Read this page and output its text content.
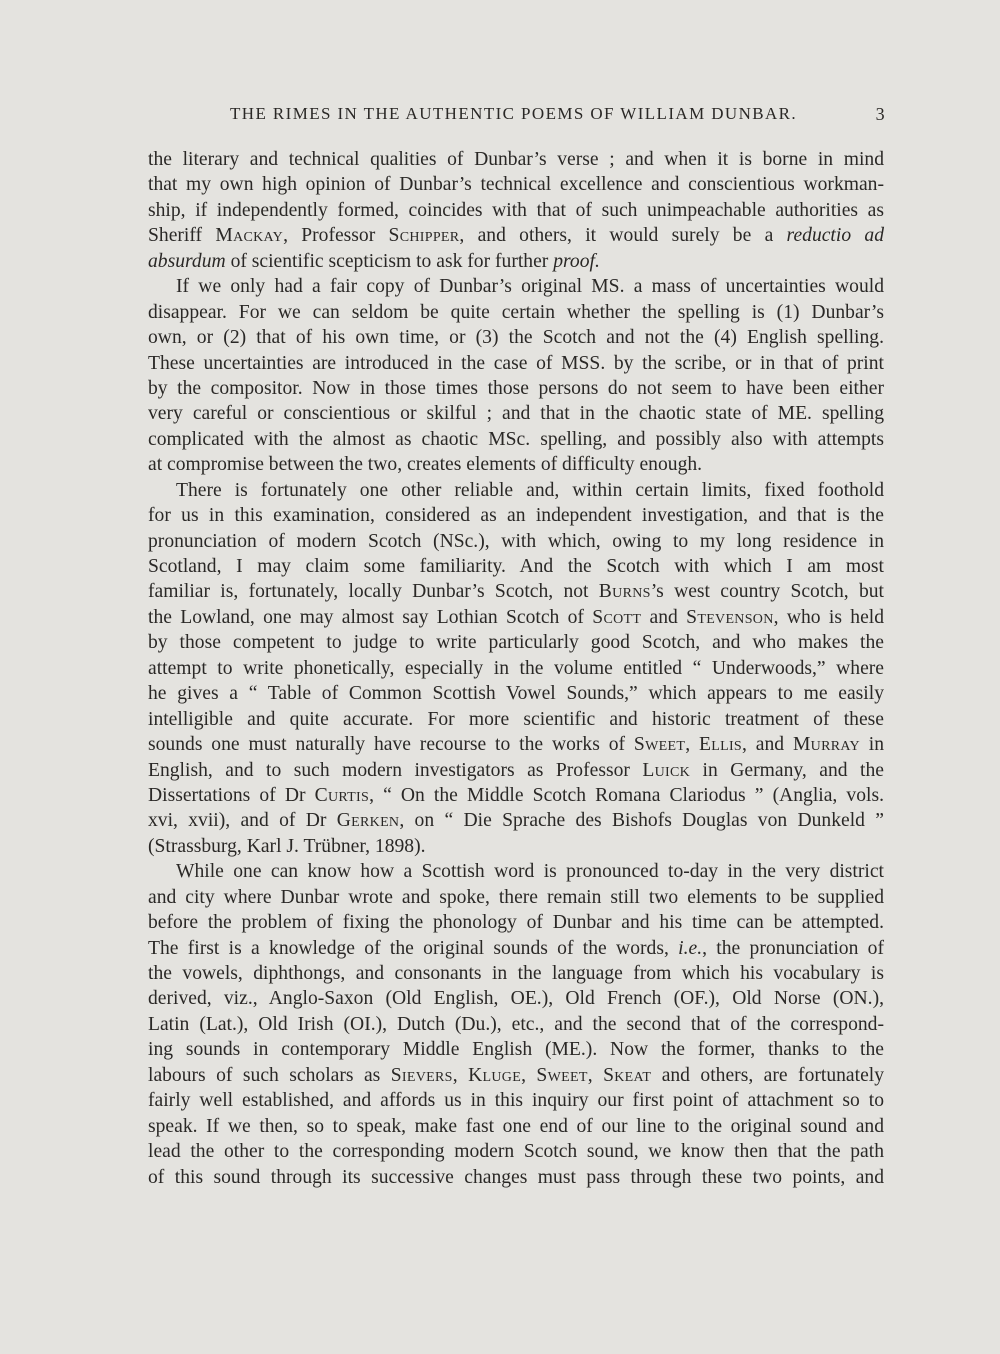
THE RIMES IN THE AUTHENTIC POEMS OF WILLIAM DUNBAR.	3
the literary and technical qualities of Dunbar’s verse ; and when it is borne in mind
that my own high opinion of Dunbar’s technical excellence and conscientious workman-
ship, if independently formed, coincides with that of such unimpeachable authorities as
Sheriff Mackay, Professor Schipper, and others, it would surely be a reductio ad
absurdum of scientific scepticism to ask for further proof.
If we only had a fair copy of Dunbar’s original MS. a mass of uncertainties would
disappear. For we can seldom be quite certain whether the spelling is (1) Dunbar’s
own, or (2) that of his own time, or (3) the Scotch and not the (4) English spelling.
These uncertainties are introduced in the case of MSS. by the scribe, or in that of print
by the compositor. Now in those times those persons do not seem to have been either
very careful or conscientious or skilful ; and that in the chaotic state of ME. spelling
complicated with the almost as chaotic MSc. spelling, and possibly also with attempts
at compromise between the two, creates elements of difficulty enough.
There is fortunately one other reliable and, within certain limits, fixed foothold
for us in this examination, considered as an independent investigation, and that is the
pronunciation of modern Scotch (NSc.), with which, owing to my long residence in
Scotland, I may claim some familiarity. And the Scotch with which I am most
familiar is, fortunately, locally Dunbar’s Scotch, not Burns’s west country Scotch, but
the Lowland, one may almost say Lothian Scotch of Scott and Stevenson, who is held
by those competent to judge to write particularly good Scotch, and who makes the
attempt to write phonetically, especially in the volume entitled “ Underwoods,” where
he gives a “ Table of Common Scottish Vowel Sounds,” which appears to me easily
intelligible and quite accurate. For more scientific and historic treatment of these
sounds one must naturally have recourse to the works of Sweet, Ellis, and Murray in
English, and to such modern investigators as Professor Luick in Germany, and the
Dissertations of Dr Curtis, “ On the Middle Scotch Romana Clariodus ” (Anglia, vols.
xvi, xvii), and of Dr Gerken, on “ Die Sprache des Bishofs Douglas von Dunkeld ”
(Strassburg, Karl J. Trübner, 1898).
While one can know how a Scottish word is pronounced to-day in the very district
and city where Dunbar wrote and spoke, there remain still two elements to be supplied
before the problem of fixing the phonology of Dunbar and his time can be attempted.
The first is a knowledge of the original sounds of the words, i.e., the pronunciation of
the vowels, diphthongs, and consonants in the language from which his vocabulary is
derived, viz., Anglo-Saxon (Old English, OE.), Old French (OF.), Old Norse (ON.),
Latin (Lat.), Old Irish (OI.), Dutch (Du.), etc., and the second that of the correspond-
ing sounds in contemporary Middle English (ME.). Now the former, thanks to the
labours of such scholars as Sievers, Kluge, Sweet, Skeat and others, are fortunately
fairly well established, and affords us in this inquiry our first point of attachment so to
speak. If we then, so to speak, make fast one end of our line to the original sound and
lead the other to the corresponding modern Scotch sound, we know then that the path
of this sound through its successive changes must pass through these two points, and
